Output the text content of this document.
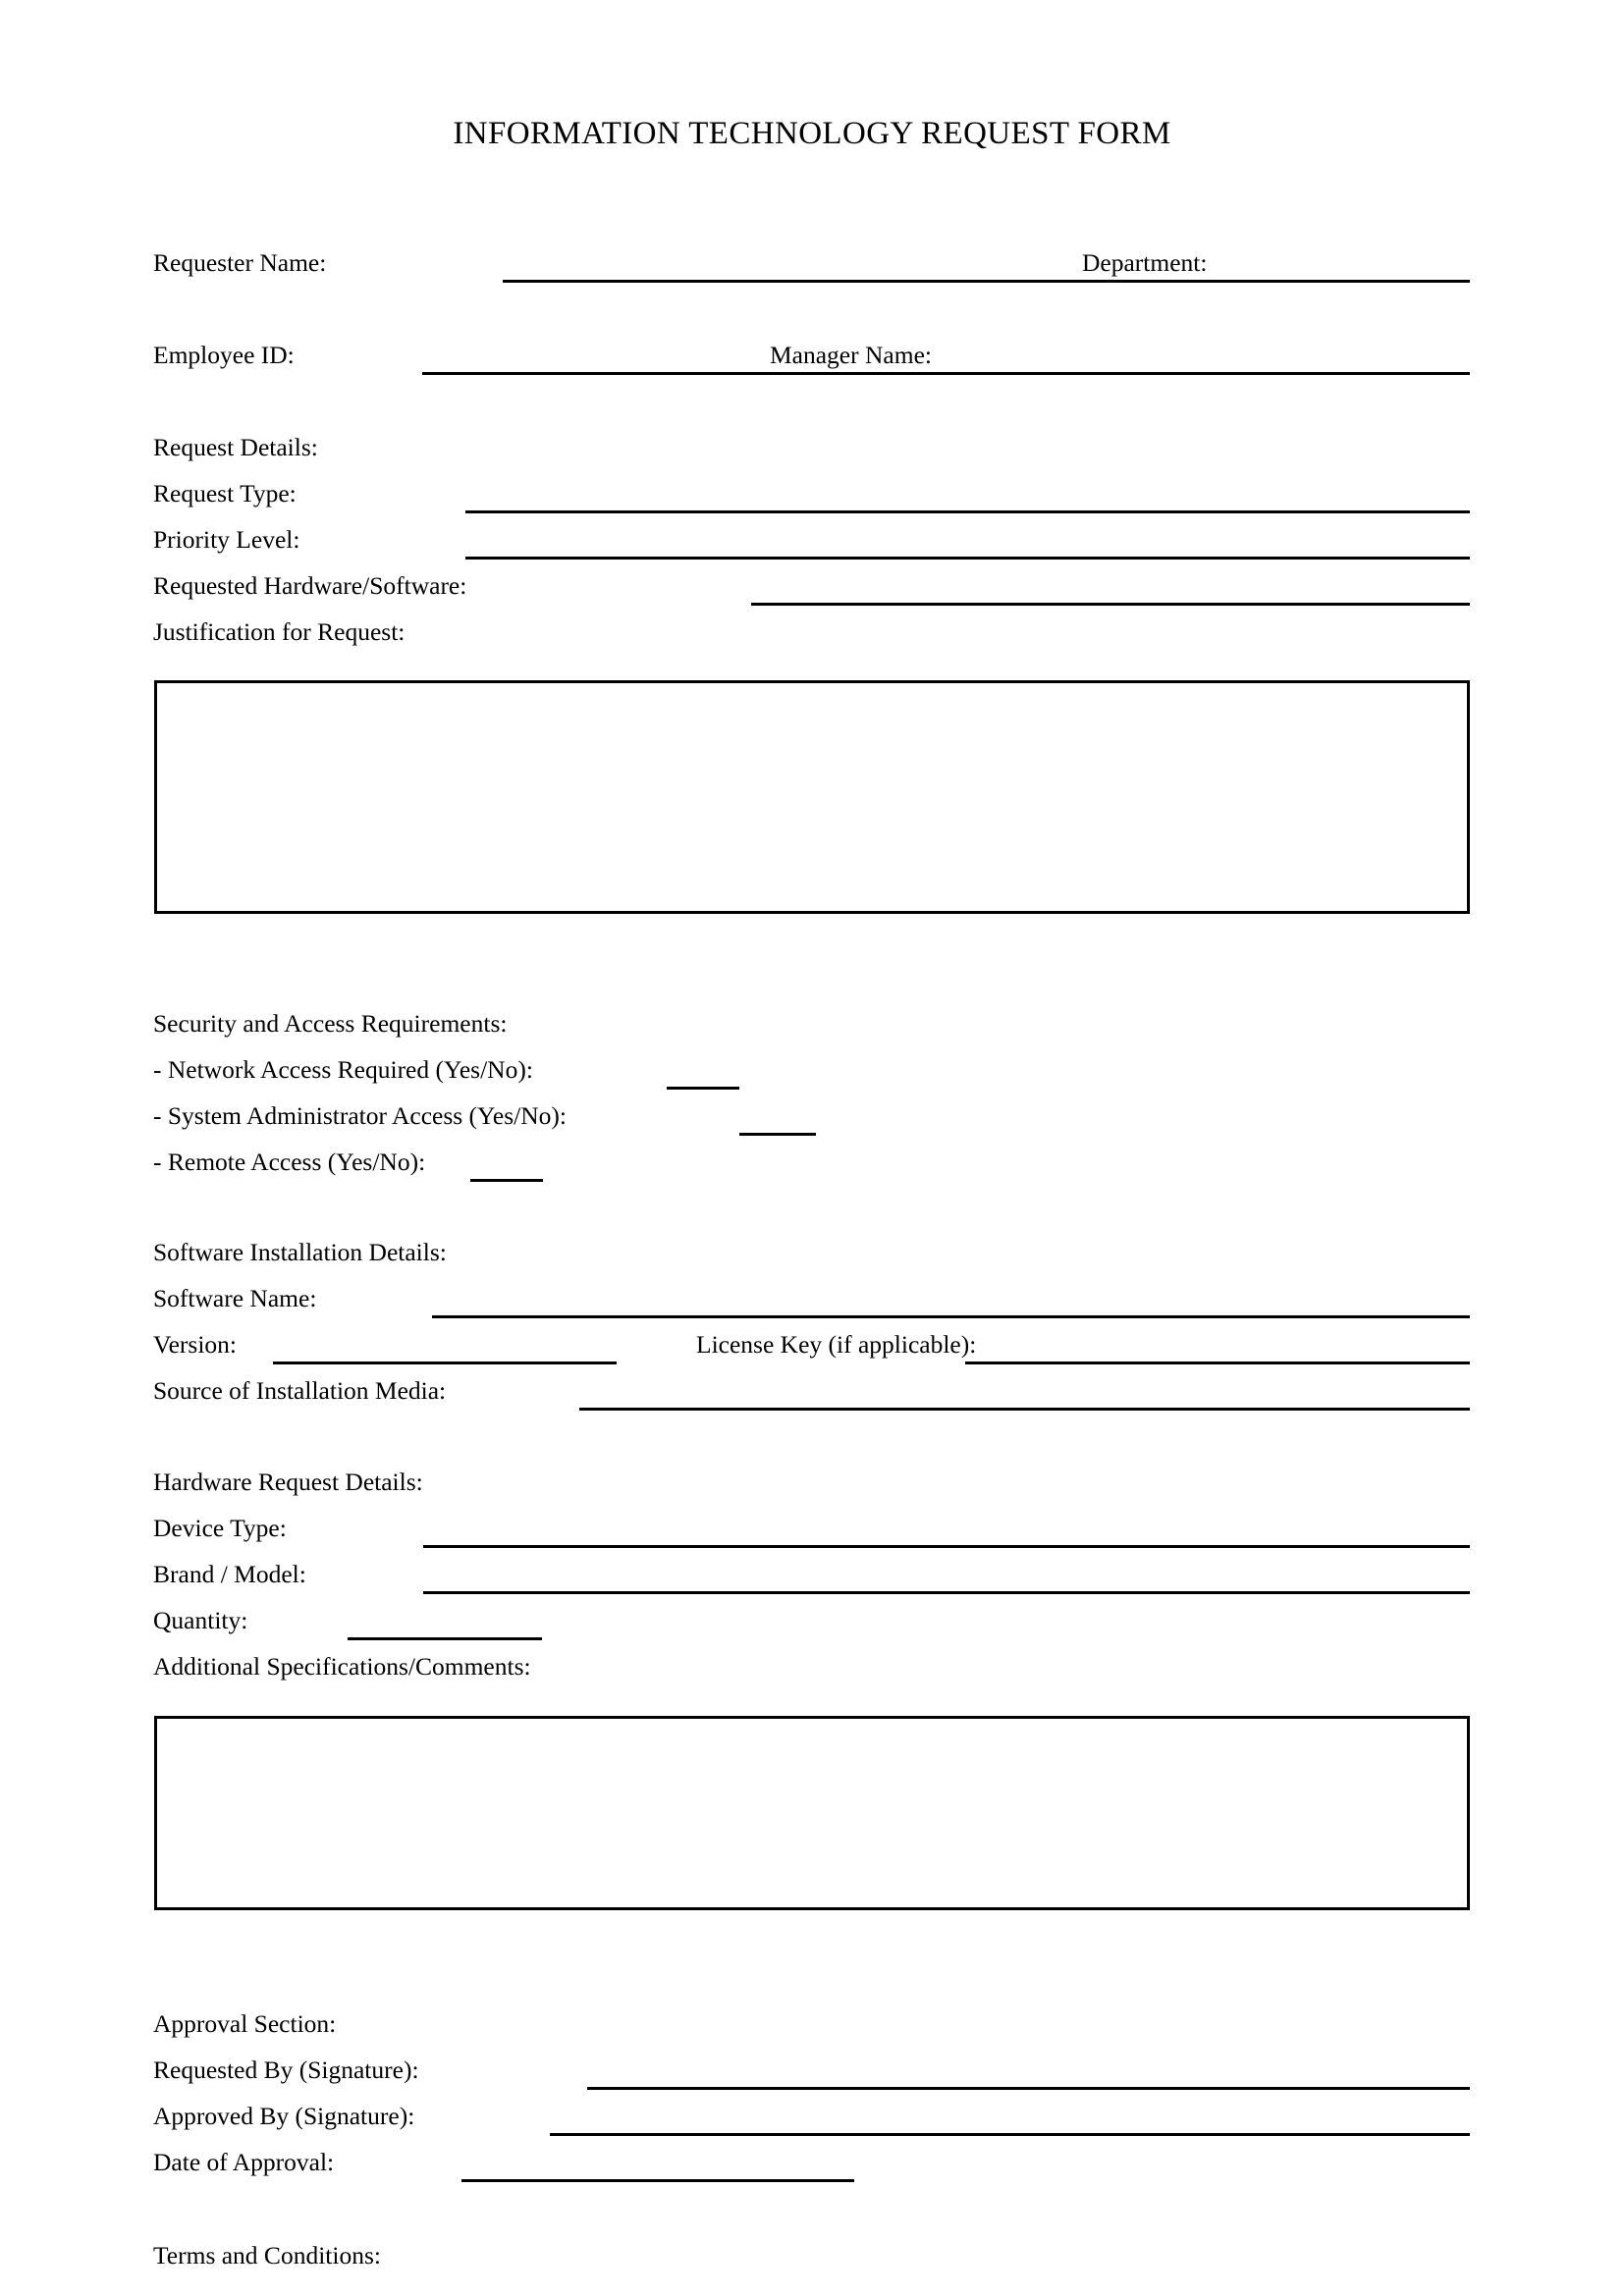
INFORMATION TECHNOLOGY REQUEST FORM
Requester Name:	Department:
Employee ID:	Manager Name:
Request Details:
Request Type:
Priority Level:
Requested Hardware/Software:
Justification for Request:
Security and Access Requirements:
- Network Access Required (Yes/No):
- System Administrator Access (Yes/No):
- Remote Access (Yes/No):
Software Installation Details:
Software Name:
Version:	License Key (if applicable):
Source of Installation Media:
Hardware Request Details:
Device Type:
Brand / Model:
Quantity:
Additional Specifications/Comments:
Approval Section:
Requested By (Signature):
Approved By (Signature):
Date of Approval:
Terms and Conditions:
